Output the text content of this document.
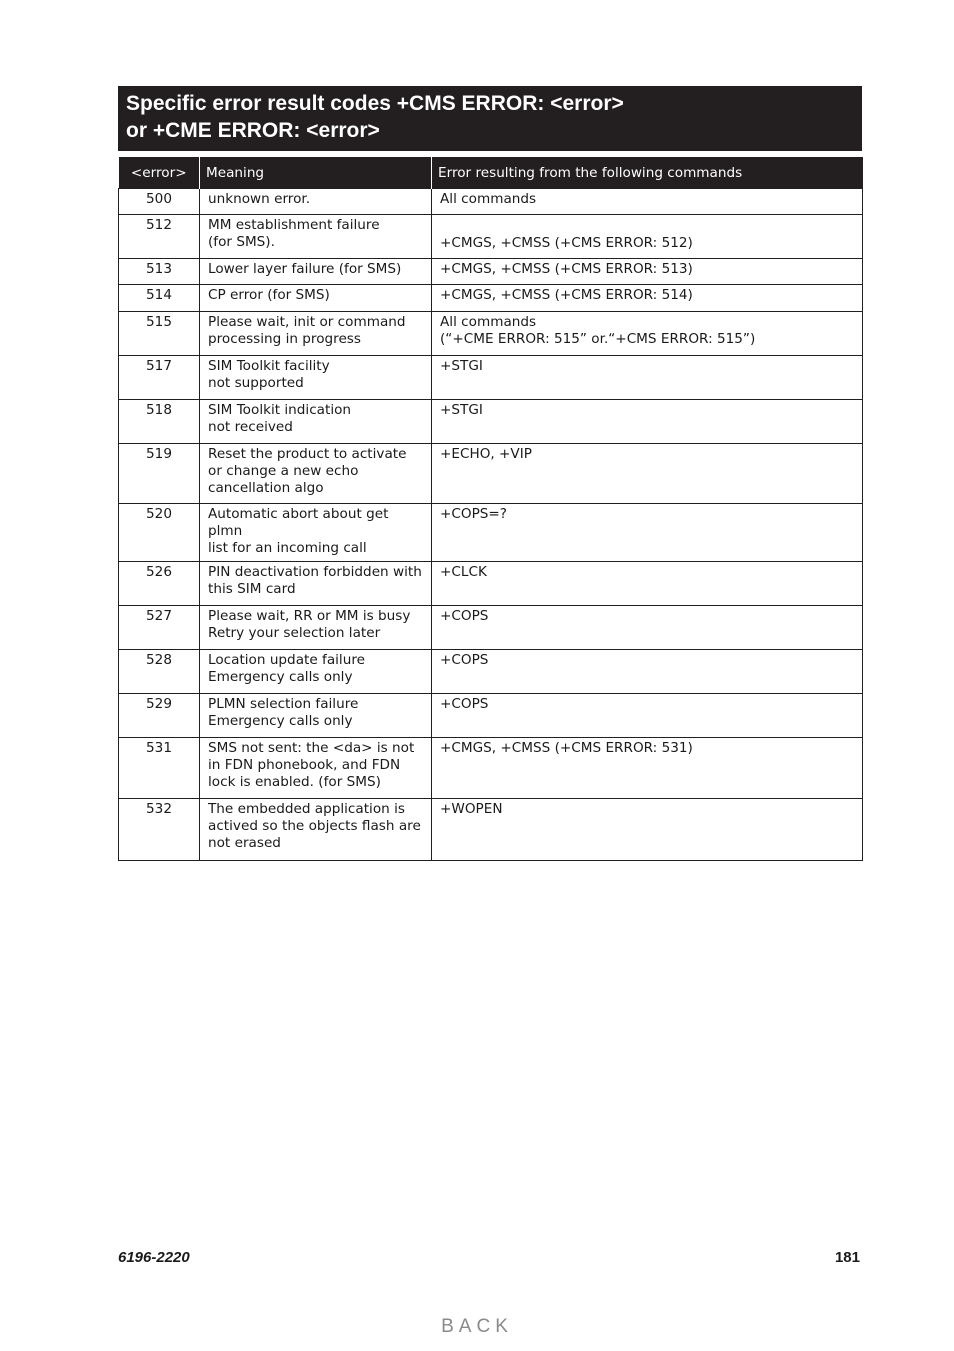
Specific error result codes +CMS ERROR: <error>
or +CME ERROR: <error>
<error>	Meaning	Error resulting from the following commands
500	unknown error.	All commands
512	MM establishment failure
(for SMS).	+CMGS, +CMSS (+CMS ERROR: 512)
513	Lower layer failure (for SMS)	+CMGS, +CMSS (+CMS ERROR: 513)
514	CP error (for SMS)	+CMGS, +CMSS (+CMS ERROR: 514)
515	Please wait, init or command
processing in progress	All commands
(“+CME ERROR: 515” or.“+CMS ERROR: 515”)
517	SIM Toolkit facility
not supported	+STGI
518	SIM Toolkit indication
not received	+STGI
519	Reset the product to activate
or change a new echo
cancellation algo	+ECHO, +VIP
520	Automatic abort about get plmn
list for an incoming call	+COPS=?
526	PIN deactivation forbidden with
this SIM card	+CLCK
527	Please wait, RR or MM is busy
Retry your selection later	+COPS
528	Location update failure
Emergency calls only	+COPS
529	PLMN selection failure
Emergency calls only	+COPS
531	SMS not sent: the <da> is not
in FDN phonebook, and FDN
lock is enabled. (for SMS)	+CMGS, +CMSS (+CMS ERROR: 531)
532	The embedded application is
actived so the objects flash are
not erased	+WOPEN
6196-2220	181
BACK
